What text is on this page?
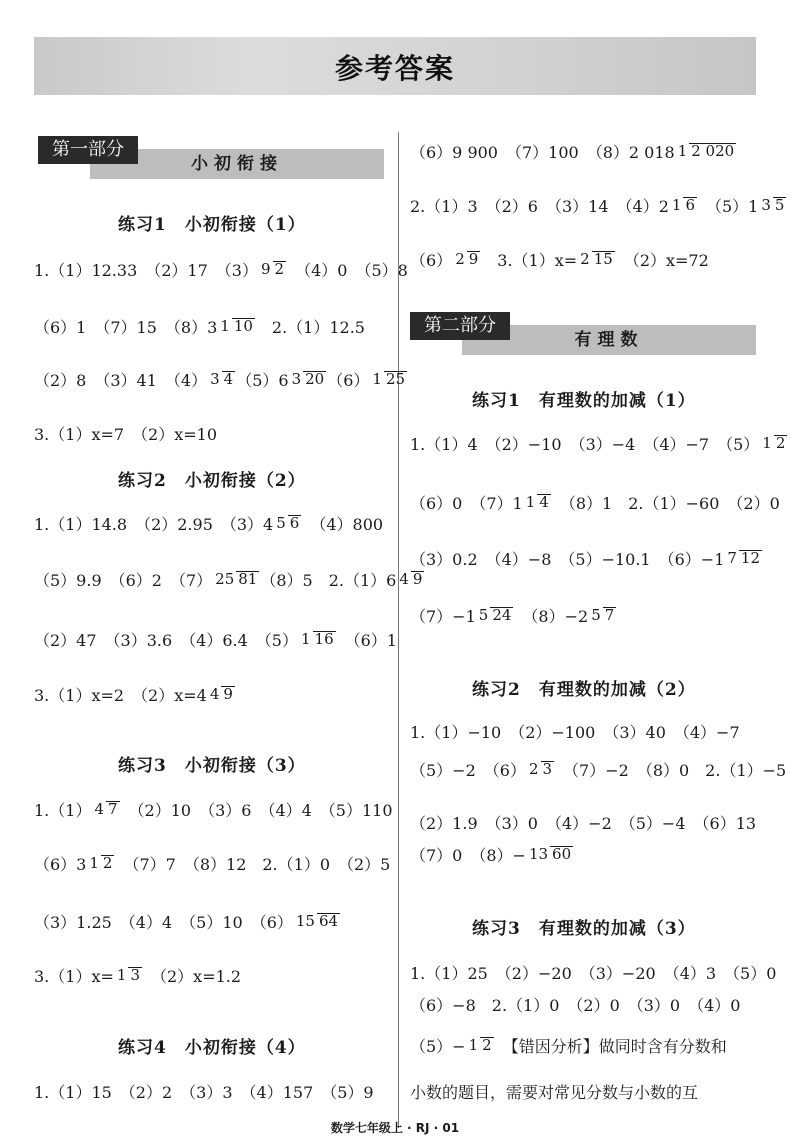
参考答案
小初衔接
第一部分
练习1　小初衔接（1）
1.（1）12.33　（2）17　（3） 9 2　（4）0　（5）8
（6）1　（7）15　（8）3 1 10　2.（1）12.5
（2）8　（3）41　（4） 3 4 （5）6 3 20 （6） 1 25
3.（1）x=7　（2）x=10
练习2　小初衔接（2）
1.（1）14.8　（2）2.95　（3）4 5 6　（4）800
（5）9.9　（6）2　（7） 25 81 （8）5　2.（1）6 4 9
（2）47　（3）3.6　（4）6.4　（5） 1 16　（6）1
3.（1）x=2　（2）x=4 4 9
练习3　小初衔接（3）
1.（1） 4 7　（2）10　（3）6　（4）4　（5）110
（6）3 1 2　（7）7　（8）12　2.（1）0　（2）5
（3）1.25　（4）4　（5）10　（6） 15 64
3.（1）x= 1 3　（2）x=1.2
练习4　小初衔接（4）
1.（1）15　（2）2　（3）3　（4）157　（5）9
（6）9 900　（7）100　（8）2 018 1 2 020
2.（1）3　（2）6　（3）14　（4）2 1 6　（5）1 3 5
（6） 2 9　3.（1）x= 2 15　（2）x=72
有理数
第二部分
练习1　有理数的加减（1）
1.（1）4　（2）−10　（3）−4　（4）−7　（5） 1 2
（6）0　（7）1 1 4　（8）1　2.（1）−60　（2）0
（3）0.2　（4）−8　（5）−10.1　（6）−1 7 12
（7）−1 5 24　（8）−2 5 7
练习2　有理数的加减（2）
1.（1）−10　（2）−100　（3）40　（4）−7
（5）−2　（6） 2 3　（7）−2　（8）0　2.（1）−5
（2）1.9　（3）0　（4）−2　（5）−4　（6）13
（7）0　（8）− 13 60
练习3　有理数的加减（3）
1.（1）25　（2）−20　（3）−20　（4）3　（5）0
（6）−8　2.（1）0　（2）0　（3）0　（4）0
（5）− 1 2　【错因分析】做同时含有分数和
小数的题目，需要对常见分数与小数的互
数学七年级上 · RJ · 01
